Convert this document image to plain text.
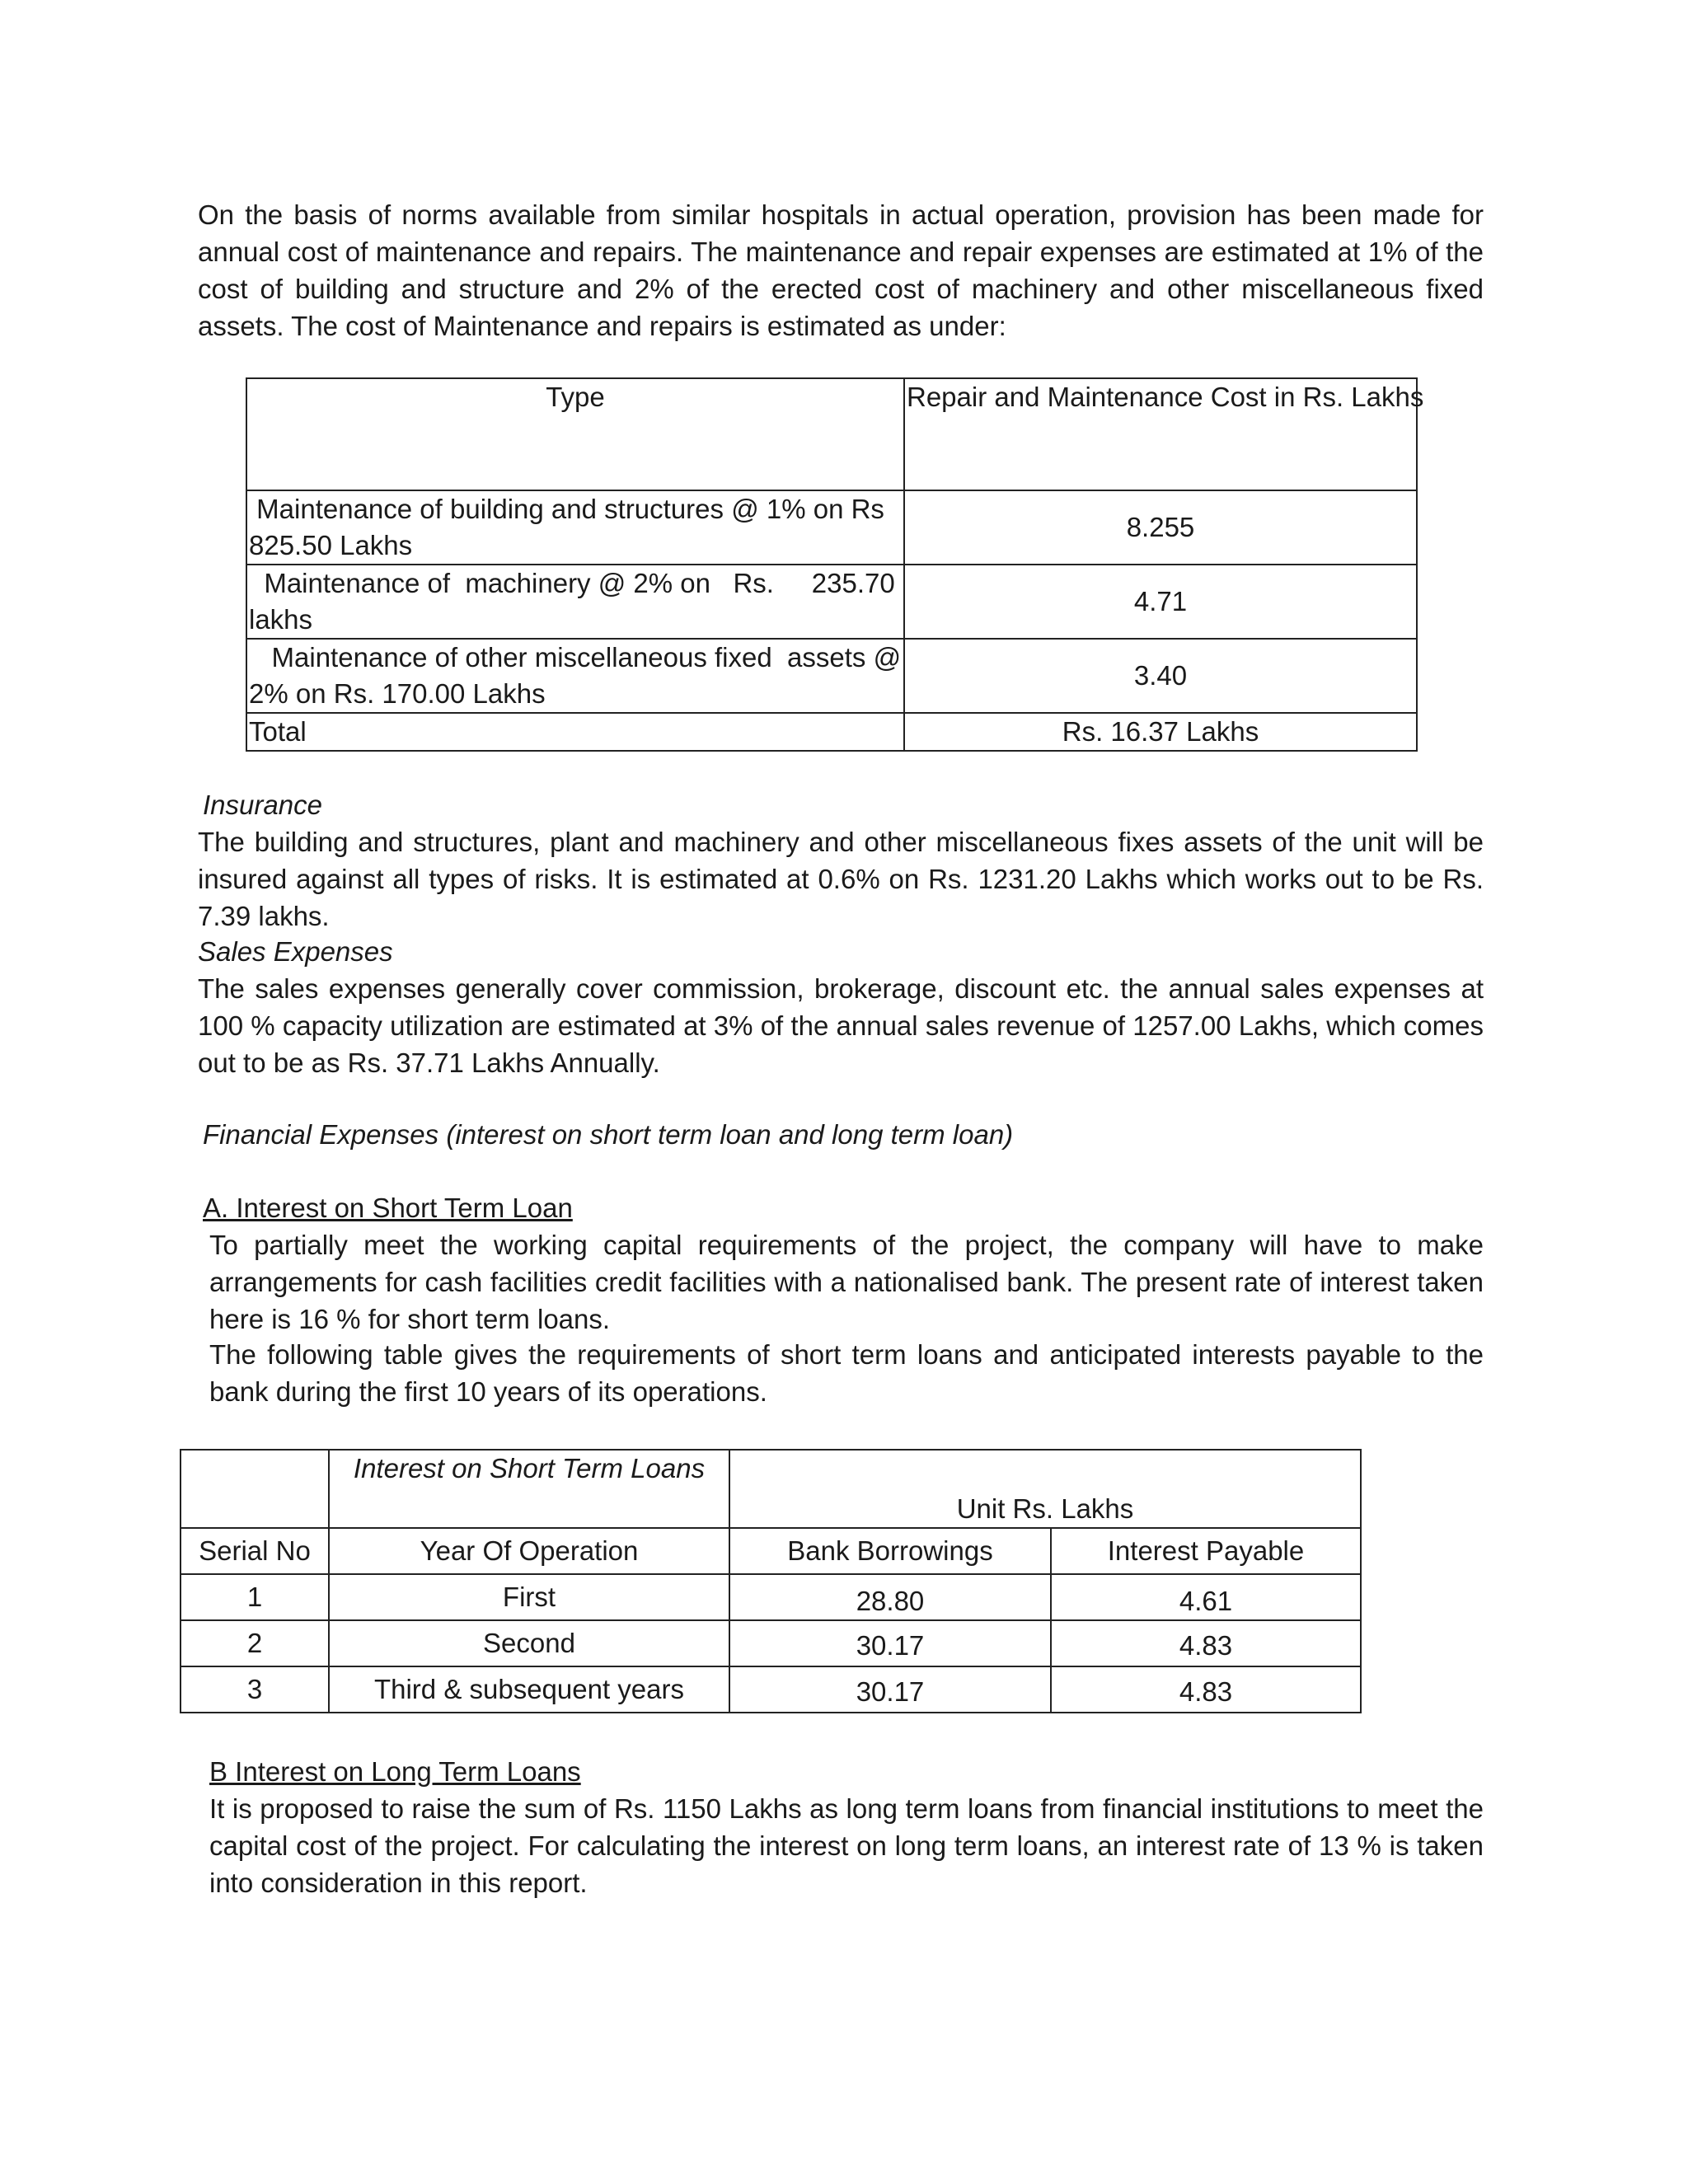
On the basis of norms available from similar hospitals in actual operation, provision has been made for annual cost of maintenance and repairs. The maintenance and repair expenses are estimated at 1% of the cost of building and structure and 2% of the erected cost of machinery and other miscellaneous fixed assets. The cost of Maintenance and repairs is estimated as under:

Type	Repair and Maintenance Cost in Rs. Lakhs
Maintenance of building and structures @ 1% on Rs 825.50 Lakhs	8.255
Maintenance of  machinery @ 2% on   Rs.     235.70 lakhs	4.71
Maintenance of other miscellaneous fixed  assets @ 2% on Rs. 170.00 Lakhs	3.40
Total	Rs. 16.37 Lakhs

Insurance

The building and structures, plant and machinery and other miscellaneous fixes assets of the unit will be insured against all types of risks. It is estimated at 0.6% on Rs. 1231.20 Lakhs which works out to be Rs. 7.39 lakhs.

Sales Expenses

The sales expenses generally cover commission, brokerage, discount etc. the annual sales expenses at 100 % capacity utilization are estimated at 3% of the annual sales revenue of 1257.00 Lakhs, which comes out to be as Rs. 37.71 Lakhs Annually.

Financial Expenses (interest on short term loan and long term loan)

A. Interest on Short Term Loan

To partially meet the working capital requirements of the project, the company will have to make arrangements for cash facilities credit facilities with a nationalised bank. The present rate of interest taken here is 16 % for short term loans.

The following table gives the requirements of short term loans and anticipated interests payable to the bank during the first 10 years of its operations.

	Interest on Short Term Loans	Unit Rs. Lakhs	
Serial No	Year Of Operation	Bank Borrowings	Interest Payable
1	First	28.80	4.61
2	Second	30.17	4.83
3	Third & subsequent years	30.17	4.83

B Interest on Long Term Loans

It is proposed to raise the sum of Rs. 1150 Lakhs as long term loans from financial institutions to meet the capital cost of the project. For calculating the interest on long term loans, an interest rate of 13 % is taken into consideration in this report.
